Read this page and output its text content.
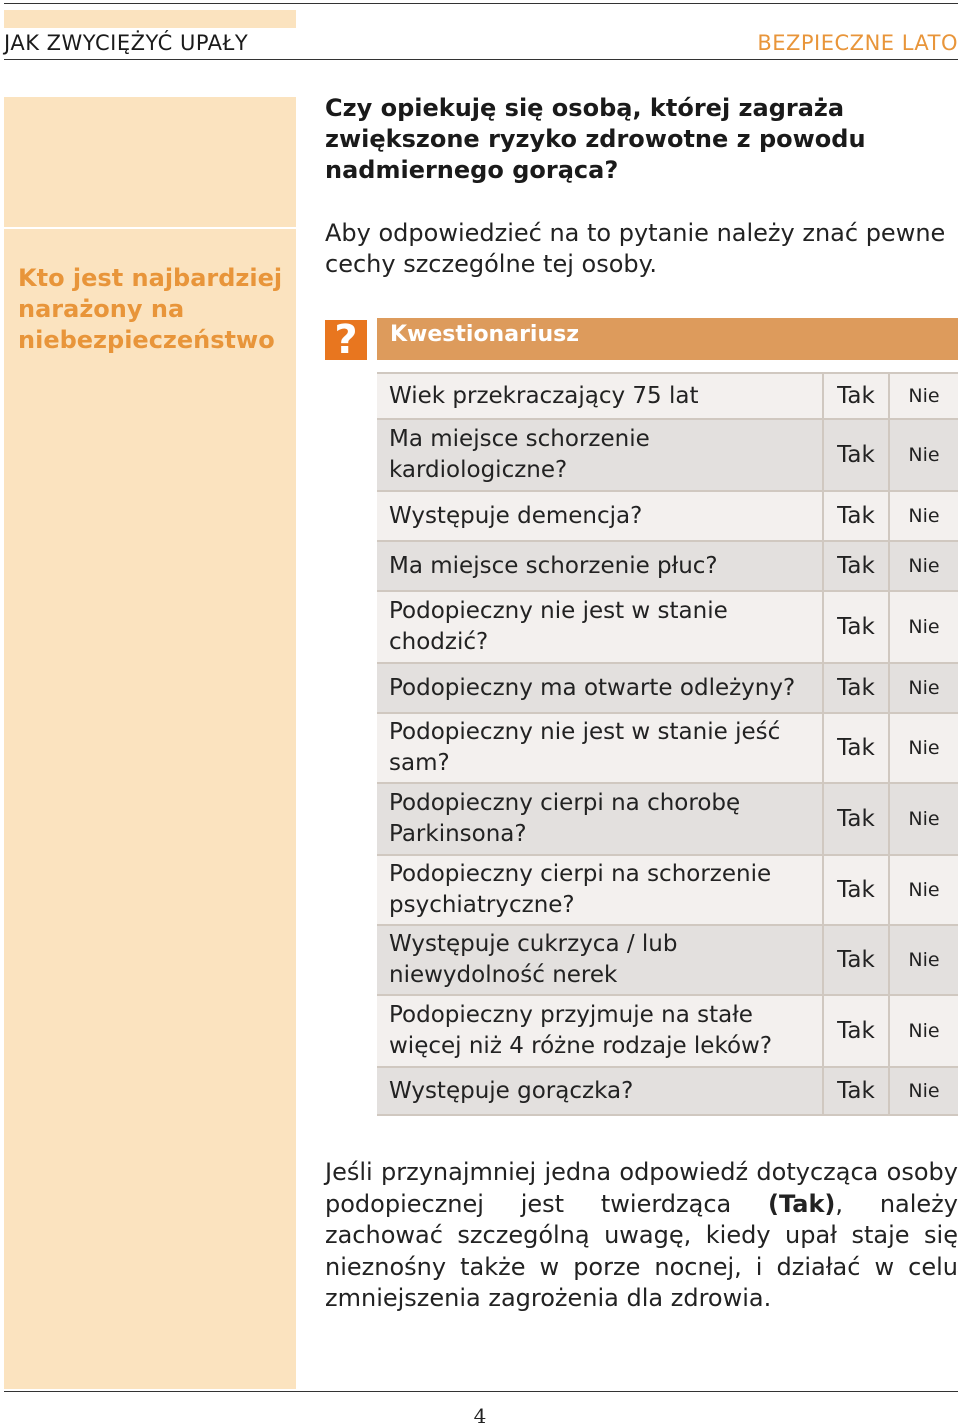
JAK ZWYCIĘŻYĆ UPAŁY	BEZPIECZNE LATO
Kto jest najbardziej narażony na niebezpieczeństwo
Czy opiekuję się osobą, której zagraża zwiększone ryzyko zdrowotne z powodu nadmiernego gorąca?
Aby odpowiedzieć na to pytanie należy znać pewne cechy szczególne tej osoby.
?	Kwestionariusz
Wiek przekraczający 75 lat	Tak	Nie
Ma miejsce schorzenie kardiologiczne?	Tak	Nie
Występuje demencja?	Tak	Nie
Ma miejsce schorzenie płuc?	Tak	Nie
Podopieczny nie jest w stanie chodzić?	Tak	Nie
Podopieczny ma otwarte odleżyny?	Tak	Nie
Podopieczny nie jest w stanie jeść sam?	Tak	Nie
Podopieczny cierpi na chorobę Parkinsona?	Tak	Nie
Podopieczny cierpi na schorzenie psychiatryczne?	Tak	Nie
Występuje cukrzyca / lub niewydolność nerek	Tak	Nie
Podopieczny przyjmuje na stałe więcej niż 4 różne rodzaje leków?	Tak	Nie
Występuje gorączka?	Tak	Nie
Jeśli przynajmniej jedna odpowiedź dotycząca osoby podopiecznej jest twierdząca (Tak), należy zachować szczególną uwagę, kiedy upał staje się nieznośny także w porze nocnej, i działać w celu zmniejszenia zagrożenia dla zdrowia.
4
